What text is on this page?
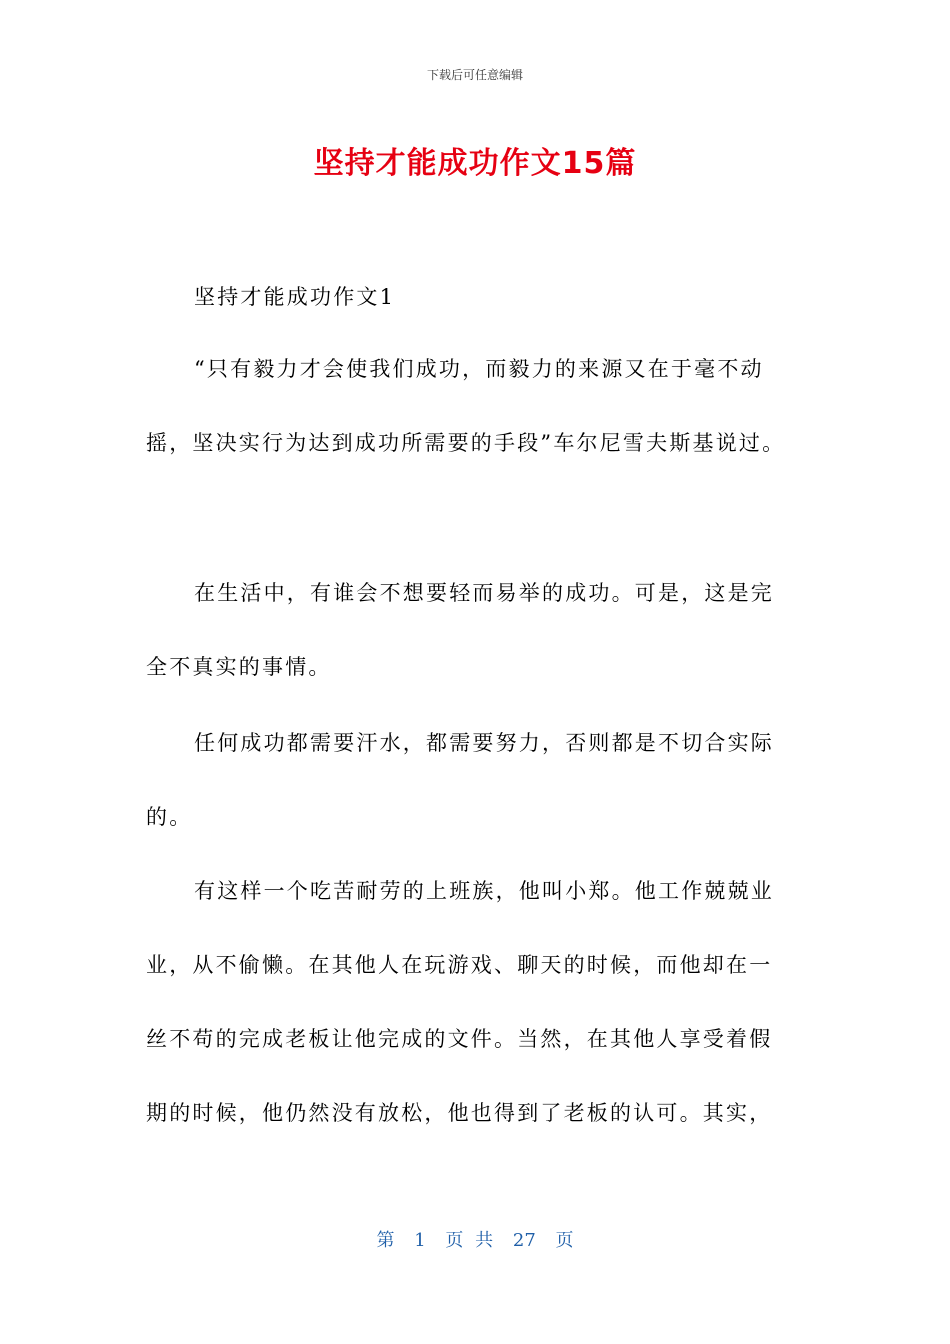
下载后可任意编辑
坚持才能成功作文15篇
坚持才能成功作文1
“只有毅力才会使我们成功，而毅力的来源又在于毫不动
摇，坚决实行为达到成功所需要的手段”车尔尼雪夫斯基说过。
在生活中，有谁会不想要轻而易举的成功。可是，这是完
全不真实的事情。
任何成功都需要汗水，都需要努力，否则都是不切合实际
的。
有这样一个吃苦耐劳的上班族，他叫小郑。他工作兢兢业
业，从不偷懒。在其他人在玩游戏、聊天的时候，而他却在一
丝不苟的完成老板让他完成的文件。当然，在其他人享受着假
期的时候，他仍然没有放松，他也得到了老板的认可。其实，
第 1 页 共 27 页
